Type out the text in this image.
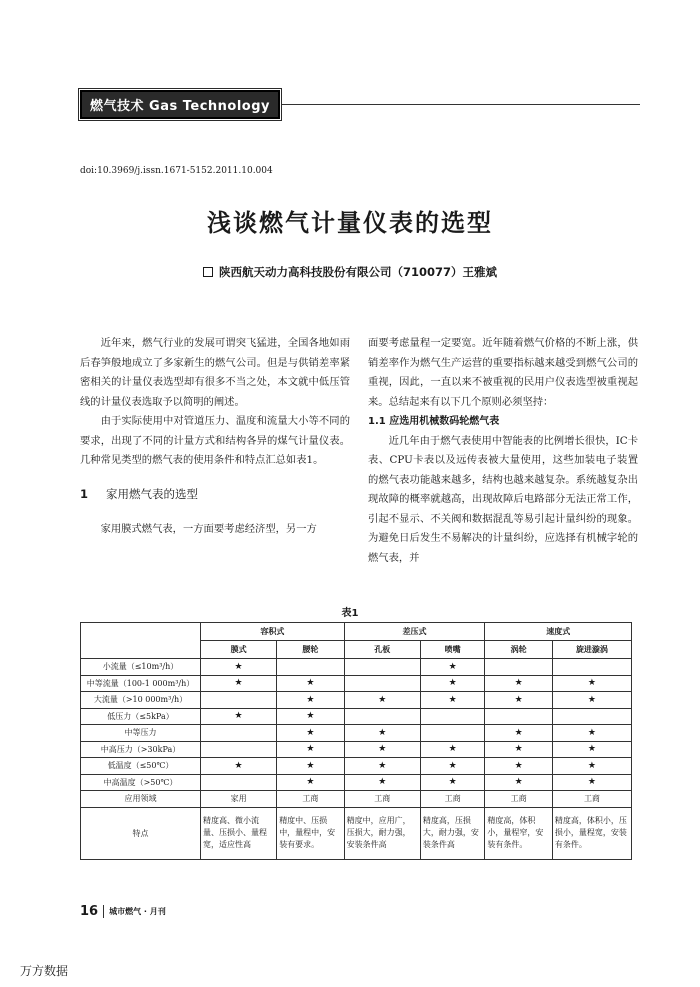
燃气技术 Gas Technology
doi:10.3969/j.issn.1671-5152.2011.10.004
浅谈燃气计量仪表的选型
陕西航天动力高科技股份有限公司（710077）王雅斌

近年来，燃气行业的发展可谓突飞猛进，全国各地如雨后春笋般地成立了多家新生的燃气公司。但是与供销差率紧密相关的计量仪表选型却有很多不当之处，本文就中低压管线的计量仪表选取予以简明的阐述。

由于实际使用中对管道压力、温度和流量大小等不同的要求，出现了不同的计量方式和结构各异的煤气计量仪表。几种常见类型的燃气表的使用条件和特点汇总如表1。

1 家用燃气表的选型

家用膜式燃气表，一方面要考虑经济型，另一方

面要考虑量程一定要宽。近年随着燃气价格的不断上涨，供销差率作为燃气生产运营的重要指标越来越受到燃气公司的重视，因此，一直以来不被重视的民用户仪表选型被重视起来。总结起来有以下几个原则必须坚持：

1.1 应选用机械数码轮燃气表

近几年由于燃气表使用中智能表的比例增长很快，IC卡表、CPU卡表以及远传表被大量使用，这些加装电子装置的燃气表功能越来越多，结构也越来越复杂。系统越复杂出现故障的概率就越高，出现故障后电路部分无法正常工作，引起不显示、不关阀和数据混乱等易引起计量纠纷的现象。为避免日后发生不易解决的计量纠纷，应选择有机械字轮的燃气表，并

表1
	容积式		差压式		速度式	
	膜式	腰轮	孔板	喷嘴	涡轮	旋进漩涡
小流量（≤10m³/h）	★			★		
中等流量（100-1 000m³/h）	★	★		★	★	★
大流量（>10 000m³/h）		★	★	★	★	★
低压力（≤5kPa）	★	★				
中等压力		★	★		★	★
中高压力（>30kPa）		★	★	★	★	★
低温度（≤50℃）	★	★	★	★	★	★
中高温度（>50℃）		★	★	★	★	★
应用领域	家用	工商	工商	工商	工商	工商
特点	精度高、微小流量、压损小、量程宽，适应性高	精度中、压损中，量程中，安装有要求。	精度中，应用广，压损大，耐力强，安装条件高	精度高，压损大，耐力强，安装条件高	精度高，体积小，量程窄，安装有条件。	精度高，体积小，压损小，量程宽，安装有条件。
16 城市燃气 · 月刊
万方数据
